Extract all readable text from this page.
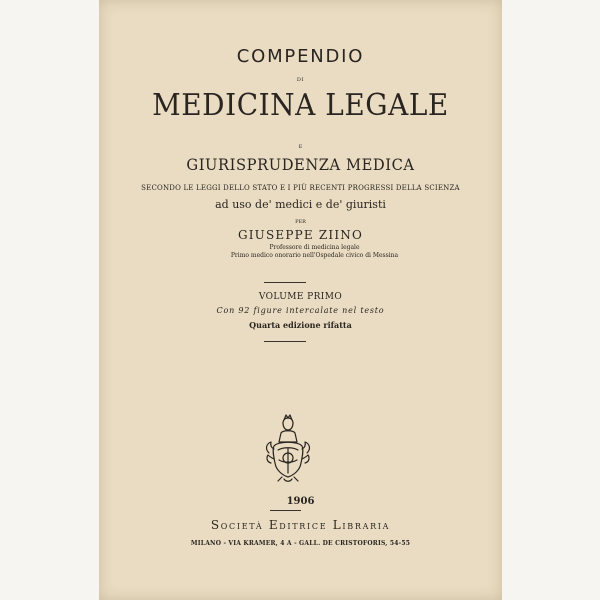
COMPENDIO
DI
MEDICINA LEGALE
E
GIURISPRUDENZA MEDICA
SECONDO LE LEGGI DELLO STATO E I PIÙ RECENTI PROGRESSI DELLA SCIENZA
ad uso de' medici e de' giuristi
PER
GIUSEPPE ZIINO
Professore di medicina legale
Primo medico onorario nell'Ospedale civico di Messina
VOLUME PRIMO
Con 92 figure intercalate nel testo
Quarta edizione rifatta
1906
Società Editrice Libraria
MILANO - VIA KRAMER, 4 A - GALL. DE CRISTOFORIS, 54-55
